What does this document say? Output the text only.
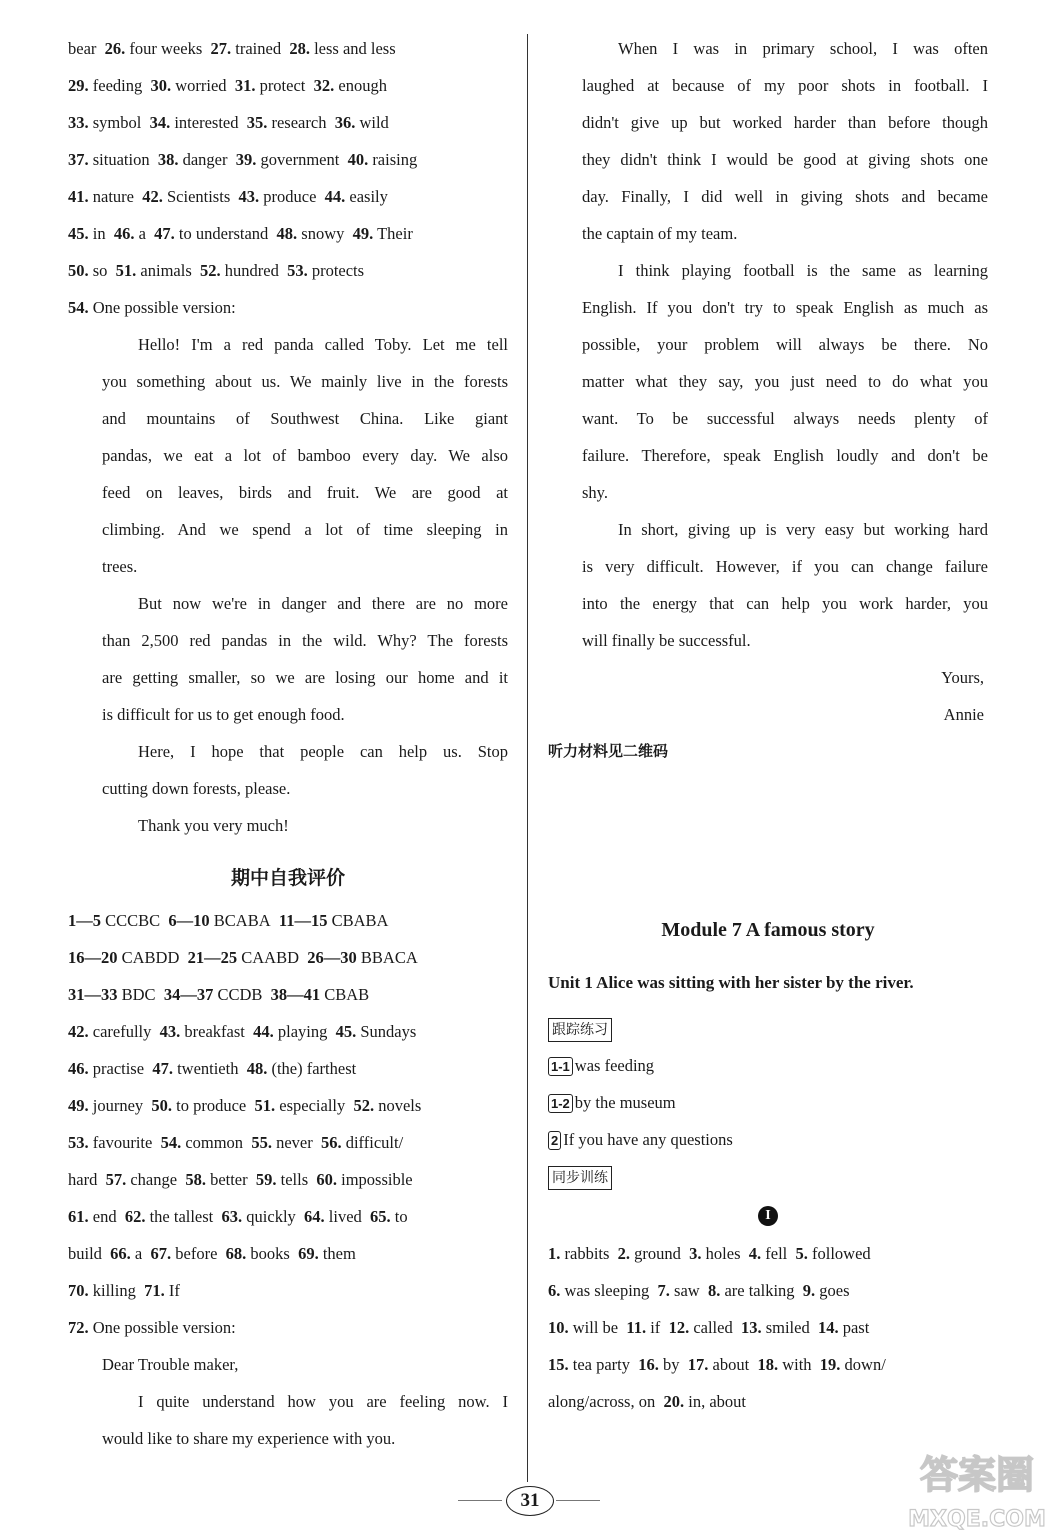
bear  26. four weeks  27. trained  28. less and less
29. feeding  30. worried  31. protect  32. enough
33. symbol  34. interested  35. research  36. wild
37. situation  38. danger  39. government  40. raising
41. nature  42. Scientists  43. produce  44. easily
45. in  46. a  47. to understand  48. snowy  49. Their
50. so  51. animals  52. hundred  53. protects
54. One possible version:
Hello! I'm a red panda called Toby. Let me tell
you something about us. We mainly live in the forests
and mountains of Southwest China. Like giant
pandas, we eat a lot of bamboo every day. We also
feed on leaves, birds and fruit. We are good at
climbing. And we spend a lot of time sleeping in
trees.
But now we're in danger and there are no more
than 2,500 red pandas in the wild. Why? The forests
are getting smaller, so we are losing our home and it
is difficult for us to get enough food.
Here, I hope that people can help us. Stop
cutting down forests, please.
Thank you very much!
期中自我评价
1—5 CCCBC  6—10 BCABA  11—15 CBABA
16—20 CABDD  21—25 CAABD  26—30 BBACA
31—33 BDC  34—37 CCDB  38—41 CBAB
42. carefully  43. breakfast  44. playing  45. Sundays
46. practise  47. twentieth  48. (the) farthest
49. journey  50. to produce  51. especially  52. novels
53. favourite  54. common  55. never  56. difficult/
hard  57. change  58. better  59. tells  60. impossible
61. end  62. the tallest  63. quickly  64. lived  65. to
build  66. a  67. before  68. books  69. them
70. killing  71. If
72. One possible version:
Dear Trouble maker,
I quite understand how you are feeling now. I
would like to share my experience with you.
When I was in primary school, I was often
laughed at because of my poor shots in football. I
didn't give up but worked harder than before though
they didn't think I would be good at giving shots one
day. Finally, I did well in giving shots and became
the captain of my team.
I think playing football is the same as learning
English. If you don't try to speak English as much as
possible, your problem will always be there. No
matter what they say, you just need to do what you
want. To be successful always needs plenty of
failure. Therefore, speak English loudly and don't be
shy.
In short, giving up is very easy but working hard
is very difficult. However, if you can change failure
into the energy that can help you work harder, you
will finally be successful.
Yours,
Annie
听力材料见二维码
Module 7 A famous story
Unit 1 Alice was sitting with her sister by the river.
跟踪练习
1-1 was feeding
1-2 by the museum
2 If you have any questions
同步训练
I
1. rabbits  2. ground  3. holes  4. fell  5. followed
6. was sleeping  7. saw  8. are talking  9. goes
10. will be  11. if  12. called  13. smiled  14. past
15. tea party  16. by  17. about  18. with  19. down/
along/across, on  20. in, about
31
答案圈
MXQE.COM
